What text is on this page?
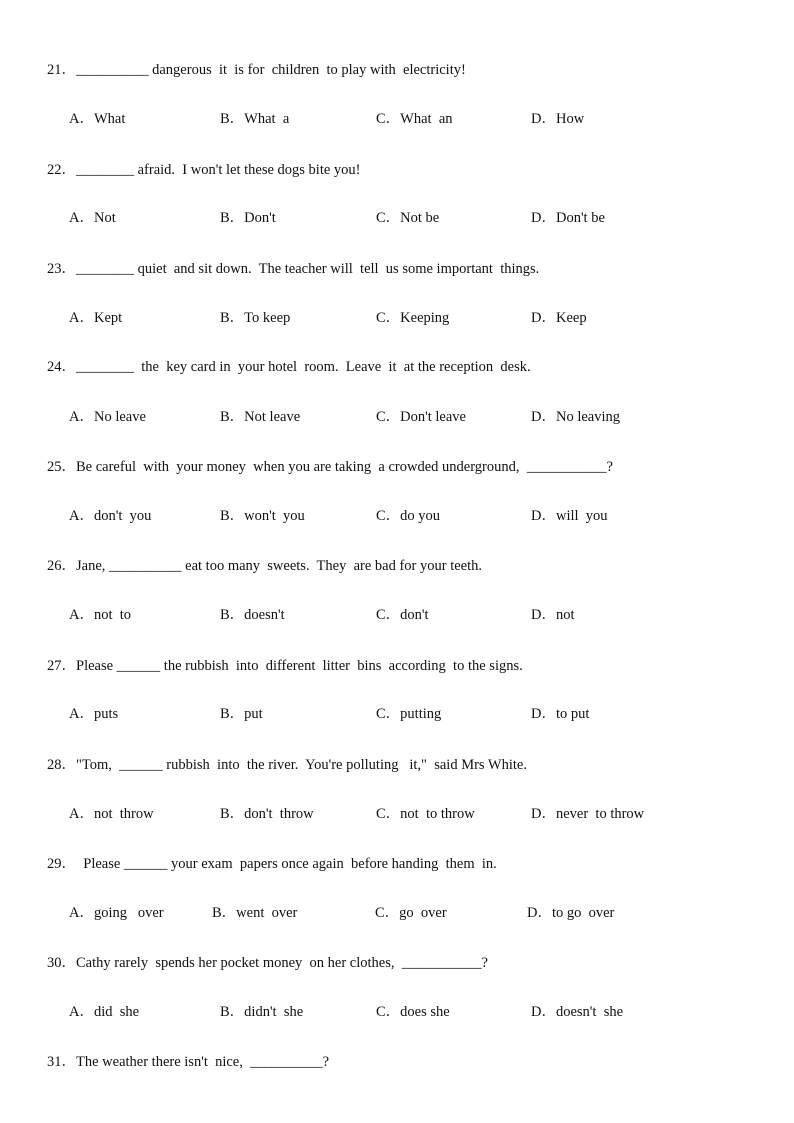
21．__________ dangerous  it  is for  children  to play with  electricity!
A．What	B．What  a	C．What  an	D．How
22．________ afraid.  I won't let these dogs bite you!
A．Not	B．Don't	C．Not be	D．Don't be
23．________ quiet  and sit down.  The teacher will  tell  us some important  things.
A．Kept	B．To keep	C．Keeping	D．Keep
24．________  the  key card in  your hotel  room.  Leave  it  at the reception  desk.
A．No leave	B．Not leave	C．Don't leave	D．No leaving
25．Be careful  with  your money  when you are taking  a crowded underground,  ___________?
A．don't  you	B．won't  you	C．do you	D．will  you
26．Jane, __________ eat too many  sweets.  They  are bad for your teeth.
A．not  to	B．doesn't	C．don't	D．not
27．Please ______ the rubbish  into  different  litter  bins  according  to the signs.
A．puts	B．put	C．putting	D．to put
28．"Tom,  ______ rubbish  into  the river.  You're polluting   it,"  said Mrs White.
A．not  throw	B．don't  throw	C．not  to throw	D．never  to throw
29．  Please ______ your exam  papers once again  before handing  them  in.
A．going   over	B．went  over	C．go  over	D．to go  over
30．Cathy rarely  spends her pocket money  on her clothes,  ___________?
A．did  she	B．didn't  she	C．does she	D．doesn't  she
31．The weather there isn't  nice,  __________?
